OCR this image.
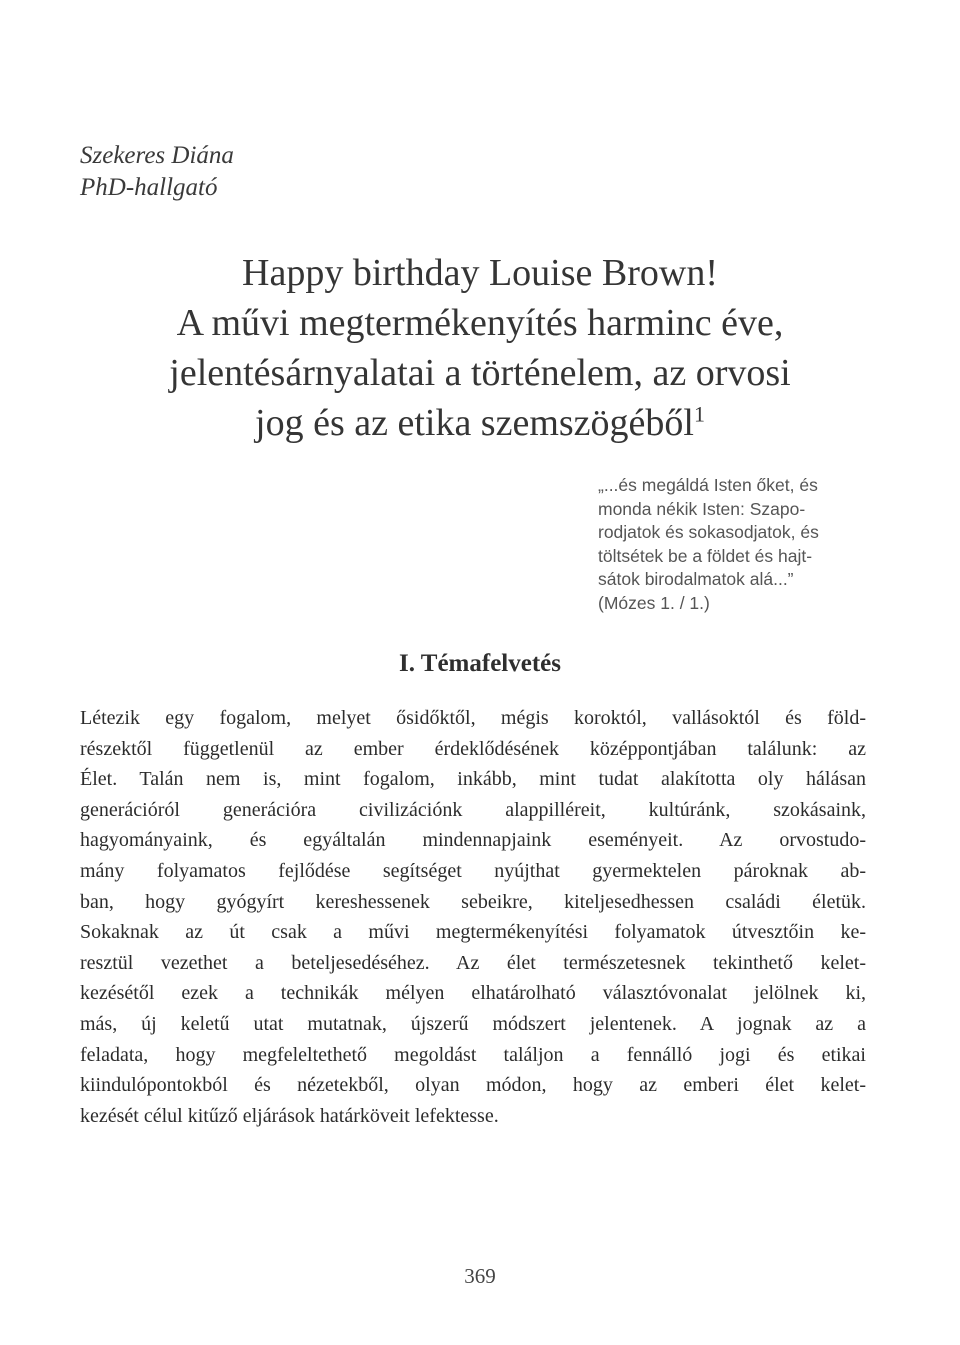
Szekeres Diána
PhD-hallgató
Happy birthday Louise Brown!
A művi megtermékenyítés harminc éve,
jelentésárnyalatai a történelem, az orvosi
jog és az etika szemszögéből$^1$
„...és megáldá Isten őket, és
monda nékik Isten: Szapo-
rodjatok és sokasodjatok, és
töltsétek be a földet és hajt-
sátok birodalmatok alá...”
(Mózes 1. / 1.)
I. Témafelvetés
Létezik egy fogalom, melyet ősidőktől, mégis koroktól, vallásoktól és föld-
részektől függetlenül az ember érdeklődésének középpontjában találunk: az
Élet. Talán nem is, mint fogalom, inkább, mint tudat alakította oly hálásan
generációról generációra civilizációnk alappilléreit, kultúránk, szokásaink,
hagyományaink, és egyáltalán mindennapjaink eseményeit. Az orvostudo-
mány folyamatos fejlődése segítséget nyújthat gyermektelen pároknak ab-
ban, hogy gyógyírt kereshessenek sebeikre, kiteljesedhessen családi életük.
Sokaknak az út csak a művi megtermékenyítési folyamatok útvesztőin ke-
resztül vezethet a beteljesedéséhez. Az élet természetesnek tekinthető kelet-
kezésétől ezek a technikák mélyen elhatárolható választóvonalat jelölnek ki,
más, új keletű utat mutatnak, újszerű módszert jelentenek. A jognak az a
feladata, hogy megfeleltethető megoldást találjon a fennálló jogi és etikai
kiindulópontokból és nézetekből, olyan módon, hogy az emberi élet kelet-
kezését célul kitűző eljárások határköveit lefektesse.
369
